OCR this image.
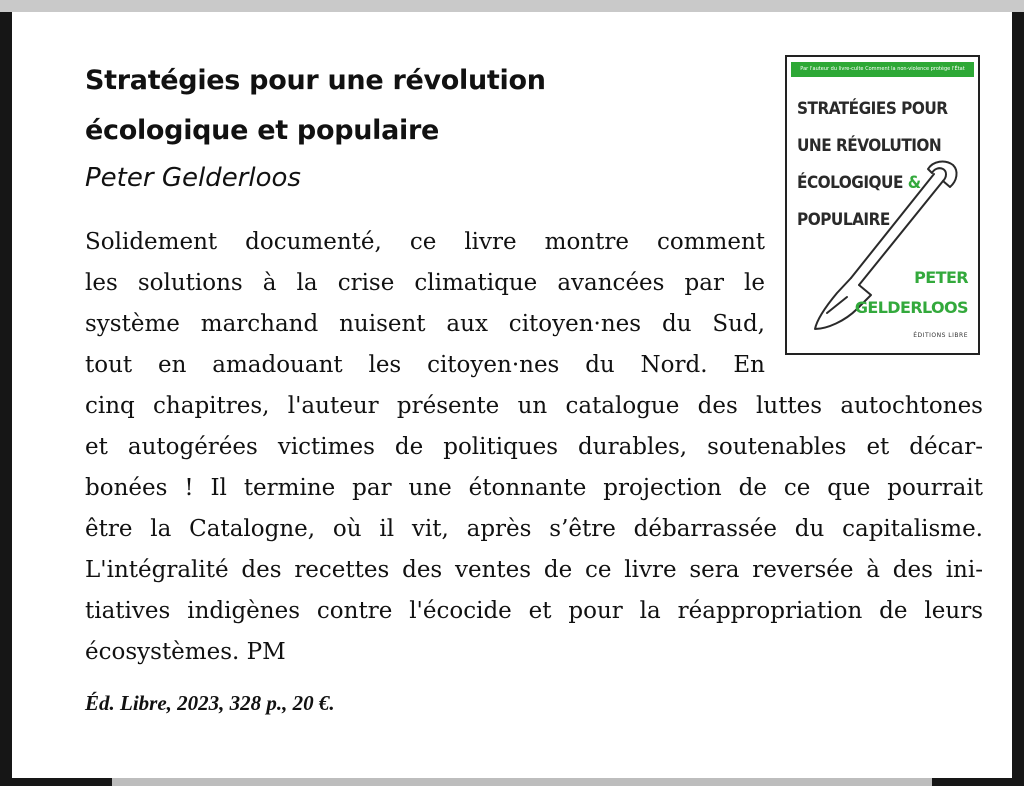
Stratégies pour une révolution
écologique et populaire
Peter Gelderloos
Solidement documenté, ce livre montre comment
les solutions à la crise climatique avancées par le
système marchand nuisent aux citoyen·nes du Sud,
tout en amadouant les citoyen·nes du Nord. En
cinq chapitres, l'auteur présente un catalogue des luttes autochtones
et autogérées victimes de politiques durables, soutenables et décar-
bonées ! Il termine par une étonnante projection de ce que pourrait
être la Catalogne, où il vit, après s’être débarrassée du capitalisme.
L'intégralité des recettes des ventes de ce livre sera reversée à des ini-
tiatives indigènes contre l'écocide et pour la réappropriation de leurs
écosystèmes. PM
Éd. Libre, 2023, 328 p., 20 €.
Par l'auteur du livre-culte Comment la non-violence protège l'État
STRATÉGIES POUR
UNE RÉVOLUTION
ÉCOLOGIQUE &
POPULAIRE
PETER
GELDERLOOS
ÉDITIONS LIBRE
